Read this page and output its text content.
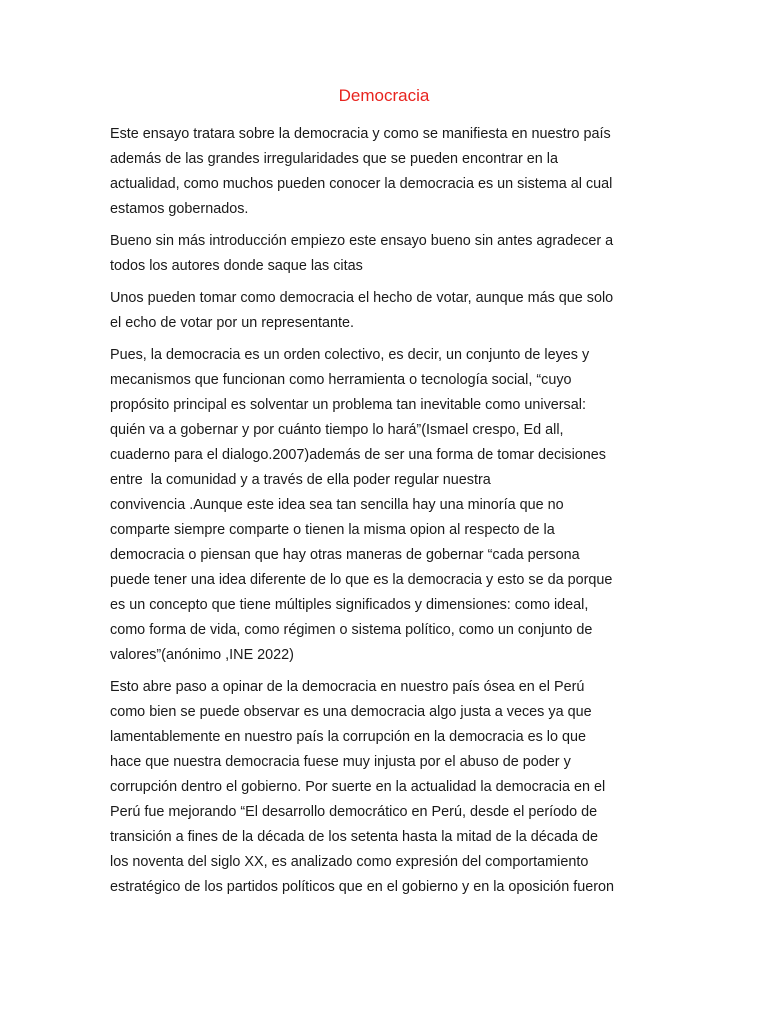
Democracia

Este ensayo tratara sobre la democracia y como se manifiesta en nuestro país
además de las grandes irregularidades que se pueden encontrar en la
actualidad, como muchos pueden conocer la democracia es un sistema al cual
estamos gobernados.

Bueno sin más introducción empiezo este ensayo bueno sin antes agradecer a
todos los autores donde saque las citas

Unos pueden tomar como democracia el hecho de votar, aunque más que solo
el echo de votar por un representante.

Pues, la democracia es un orden colectivo, es decir, un conjunto de leyes y
mecanismos que funcionan como herramienta o tecnología social, “cuyo
propósito principal es solventar un problema tan inevitable como universal:
quién va a gobernar y por cuánto tiempo lo hará”(Ismael crespo, Ed all,
cuaderno para el dialogo.2007)además de ser una forma de tomar decisiones
entre  la comunidad y a través de ella poder regular nuestra
convivencia .Aunque este idea sea tan sencilla hay una minoría que no
comparte siempre comparte o tienen la misma opion al respecto de la
democracia o piensan que hay otras maneras de gobernar “cada persona
puede tener una idea diferente de lo que es la democracia y esto se da porque
es un concepto que tiene múltiples significados y dimensiones: como ideal,
como forma de vida, como régimen o sistema político, como un conjunto de
valores”(anónimo ,INE 2022)

Esto abre paso a opinar de la democracia en nuestro país ósea en el Perú
como bien se puede observar es una democracia algo justa a veces ya que
lamentablemente en nuestro país la corrupción en la democracia es lo que
hace que nuestra democracia fuese muy injusta por el abuso de poder y
corrupción dentro el gobierno. Por suerte en la actualidad la democracia en el
Perú fue mejorando “El desarrollo democrático en Perú, desde el período de
transición a fines de la década de los setenta hasta la mitad de la década de
los noventa del siglo XX, es analizado como expresión del comportamiento
estratégico de los partidos políticos que en el gobierno y en la oposición fueron
